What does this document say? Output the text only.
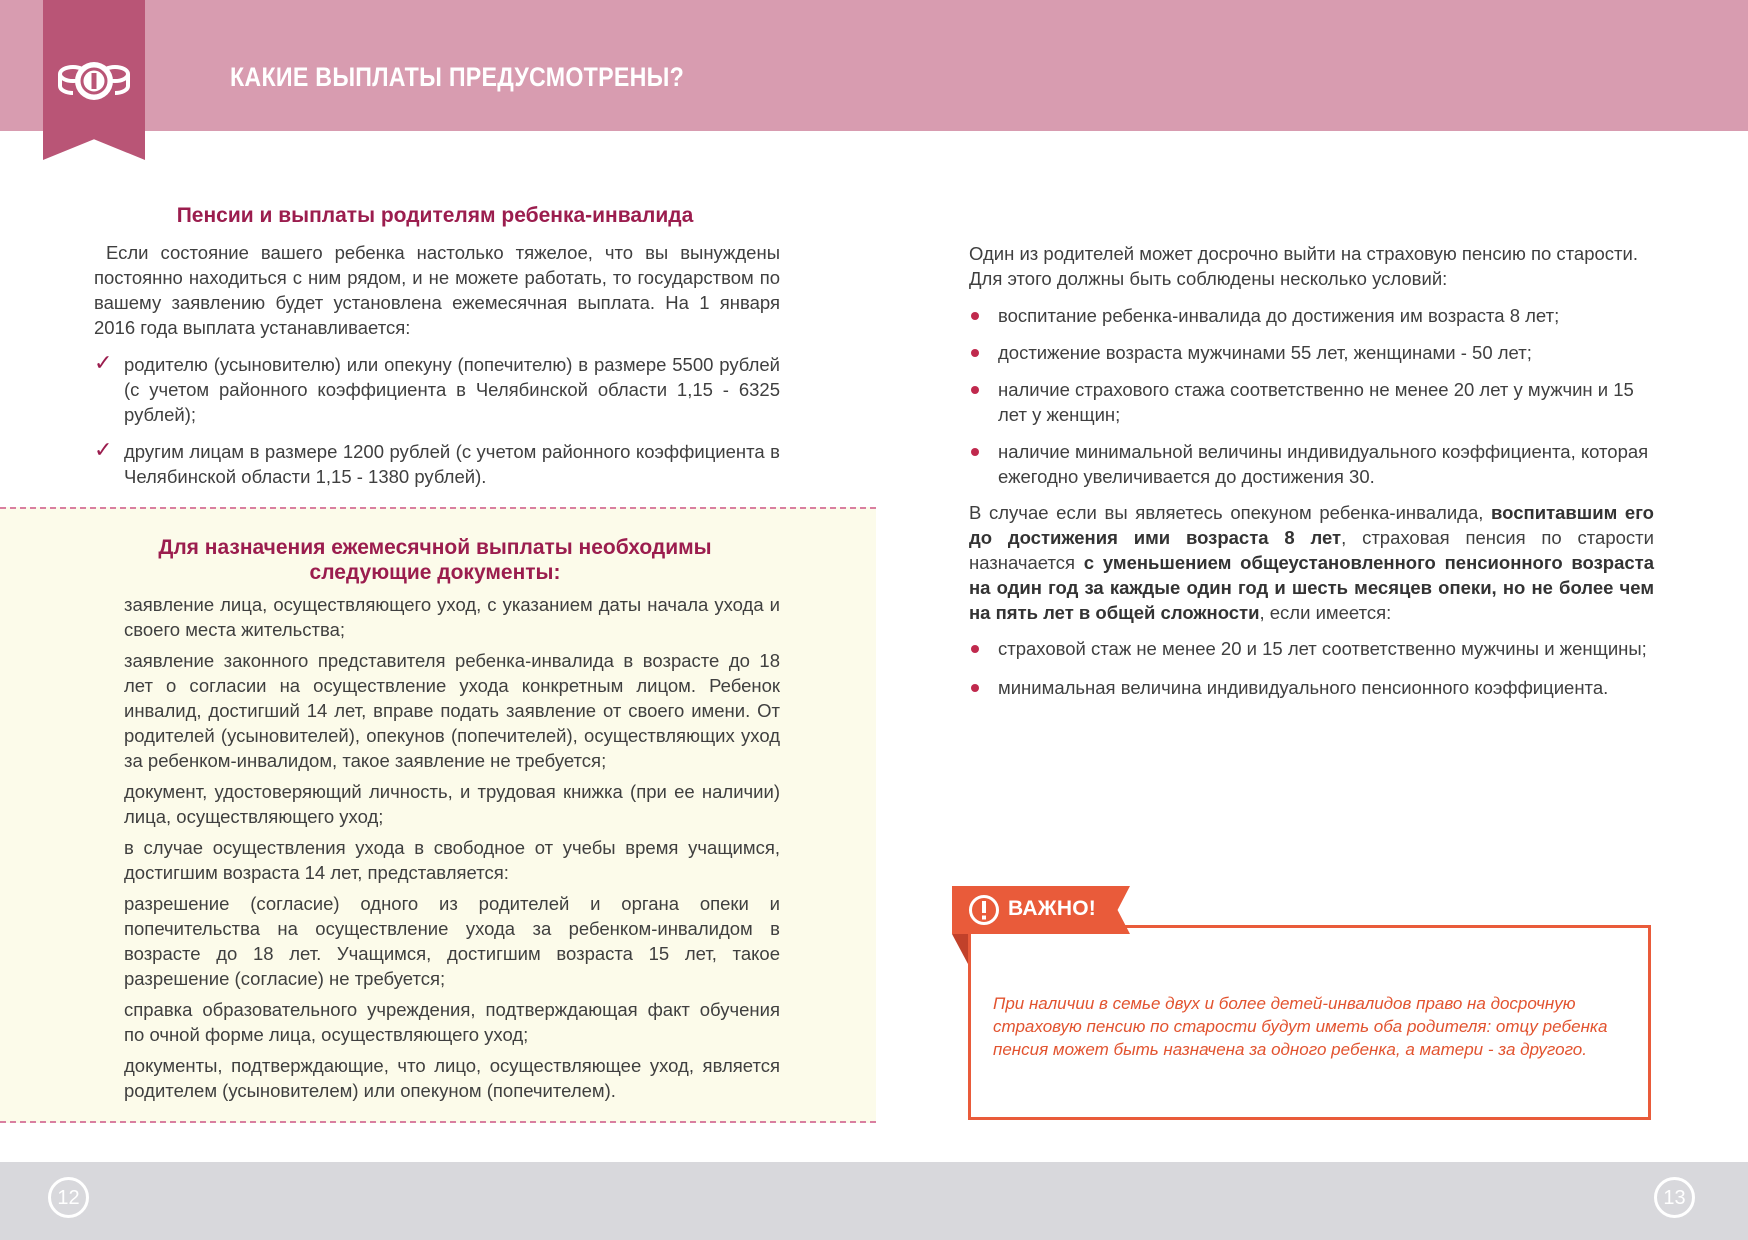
КАКИЕ ВЫПЛАТЫ ПРЕДУСМОТРЕНЫ?
Пенсии и выплаты родителям ребенка-инвалида

Если состояние вашего ребенка настолько тяжелое, что вы вынуждены постоянно находиться с ним рядом, и не можете работать, то государством по вашему заявлению будет установлена ежемесячная выплата. На 1 января 2016 года выплата устанавливается:

✓ родителю (усыновителю) или опекуну (попечителю) в размере 5500 рублей (с учетом районного коэффициента в Челябинской области 1,15 - 6325 рублей);
✓ другим лицам в размере 1200 рублей (с учетом районного коэффициента в Челябинской области 1,15 - 1380 рублей).
Для назначения ежемесячной выплаты необходимы следующие документы:
заявление лица, осуществляющего уход, с указанием даты начала ухода и своего места жительства;
заявление законного представителя ребенка-инвалида в возрасте до 18 лет о согласии на осуществление ухода конкретным лицом. Ребенок инвалид, достигший 14 лет, вправе подать заявление от своего имени. От родителей (усыновителей), опекунов (попечителей), осуществляющих уход за ребенком-инвалидом, такое заявление не требуется;
документ, удостоверяющий личность, и трудовая книжка (при ее наличии) лица, осуществляющего уход;
в случае осуществления ухода в свободное от учебы время учащимся, достигшим возраста 14 лет, представляется:
разрешение (согласие) одного из родителей и органа опеки и попечительства на осуществление ухода за ребенком-инвалидом в возрасте до 18 лет. Учащимся, достигшим возраста 15 лет, такое разрешение (согласие) не требуется;
справка образовательного учреждения, подтверждающая факт обучения по очной форме лица, осуществляющего уход;
документы, подтверждающие, что лицо, осуществляющее уход, является родителем (усыновителем) или опекуном (попечителем).

Один из родителей может досрочно выйти на страховую пенсию по старости. Для этого должны быть соблюдены несколько условий:

воспитание ребенка-инвалида до достижения им возраста 8 лет;
достижение возраста мужчинами 55 лет, женщинами - 50 лет;
наличие страхового стажа соответственно не менее 20 лет у мужчин и 15 лет у женщин;
наличие минимальной величины индивидуального коэффициента, которая ежегодно увеличивается до достижения 30.

В случае если вы являетесь опекуном ребенка-инвалида, воспитавшим его до достижения ими возраста 8 лет, страховая пенсия по старости назначается с уменьшением общеустановленного пенсионного возраста на один год за каждые один год и шесть месяцев опеки, но не более чем на пять лет в общей сложности, если имеется:

страховой стаж не менее 20 и 15 лет соответственно мужчины и женщины;
минимальная величина индивидуального пенсионного коэффициента.
ВАЖНО!
При наличии в семье двух и более детей-инвалидов право на досрочную страховую пенсию по старости будут иметь оба родителя: отцу ребенка пенсия может быть назначена за одного ребенка, а матери - за другого.
12	13
